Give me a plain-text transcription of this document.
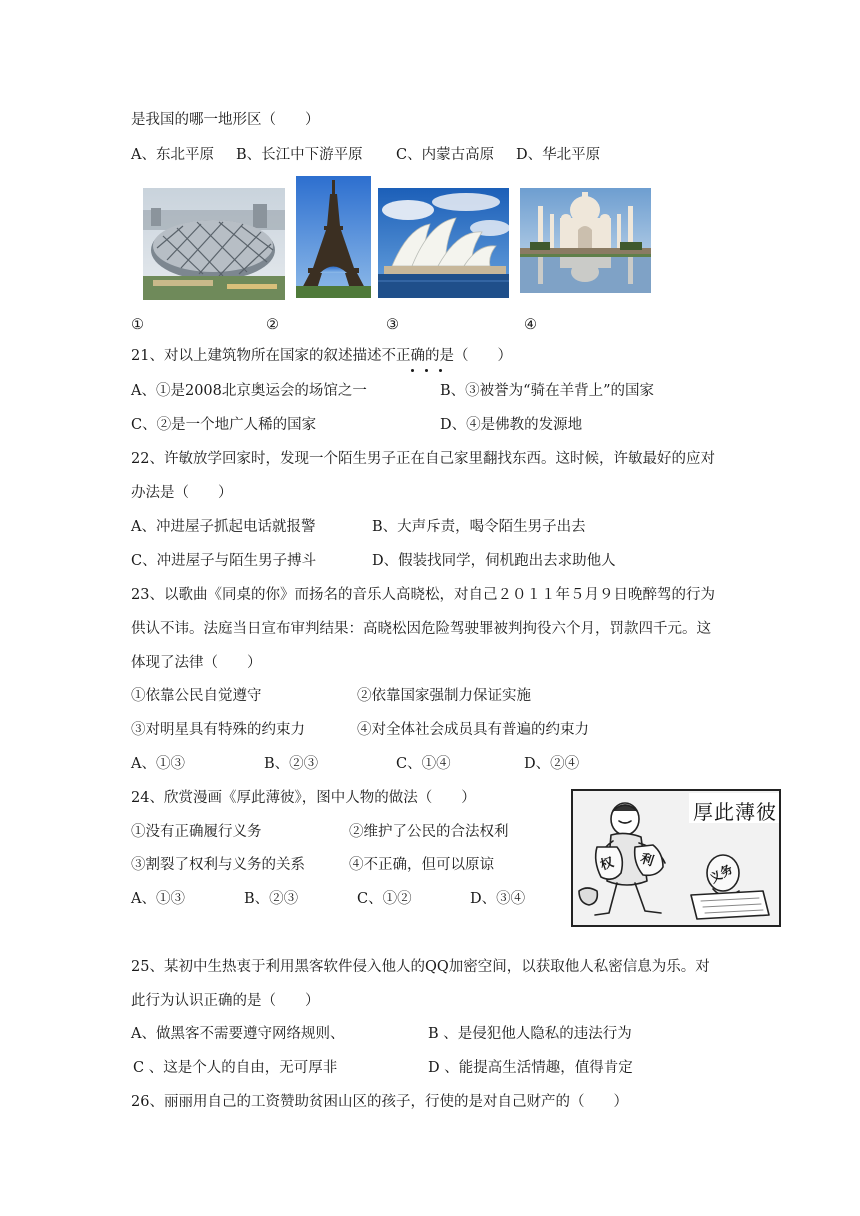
是我国的哪一地形区（　　）
A、东北平原 B、长江中下游平原 C、内蒙古高原 D、华北平原
①	②	③	④
21、对以上建筑物所在国家的叙述描述不正确的是（　　）
A、①是2008北京奥运会的场馆之一	B、③被誉为“骑在羊背上”的国家
C、②是一个地广人稀的国家	D、④是佛教的发源地
22、许敏放学回家时，发现一个陌生男子正在自己家里翻找东西。这时候，许敏最好的应对
办法是（　　）
A、冲进屋子抓起电话就报警	B、大声斥责，喝令陌生男子出去
C、冲进屋子与陌生男子搏斗	D、假装找同学，伺机跑出去求助他人
23、以歌曲《同桌的你》而扬名的音乐人高晓松，对自己２０１１年５月９日晚醉驾的行为
供认不讳。法庭当日宣布审判结果：高晓松因危险驾驶罪被判拘役六个月，罚款四千元。这
体现了法律（　　）
①依靠公民自觉遵守	②依靠国家强制力保证实施
③对明星具有特殊的约束力	④对全体社会成员具有普遍的约束力
A、①③	B、②③	C、①④	D、②④
24、欣赏漫画《厚此薄彼》，图中人物的做法（　　）
①没有正确履行义务	②维护了公民的合法权利
③割裂了权利与义务的关系	④不正确，但可以原谅
A、①③	B、②③	C、①②	D、③④
厚此薄彼
权 利
义务
25、某初中生热衷于利用黑客软件侵入他人的QQ加密空间，以获取他人私密信息为乐。对
此行为认识正确的是（　　）
A、做黑客不需要遵守网络规则、	B 、是侵犯他人隐私的违法行为
C 、这是个人的自由，无可厚非	D 、能提高生活情趣，值得肯定
26、丽丽用自己的工资赞助贫困山区的孩子，行使的是对自己财产的（　　）
